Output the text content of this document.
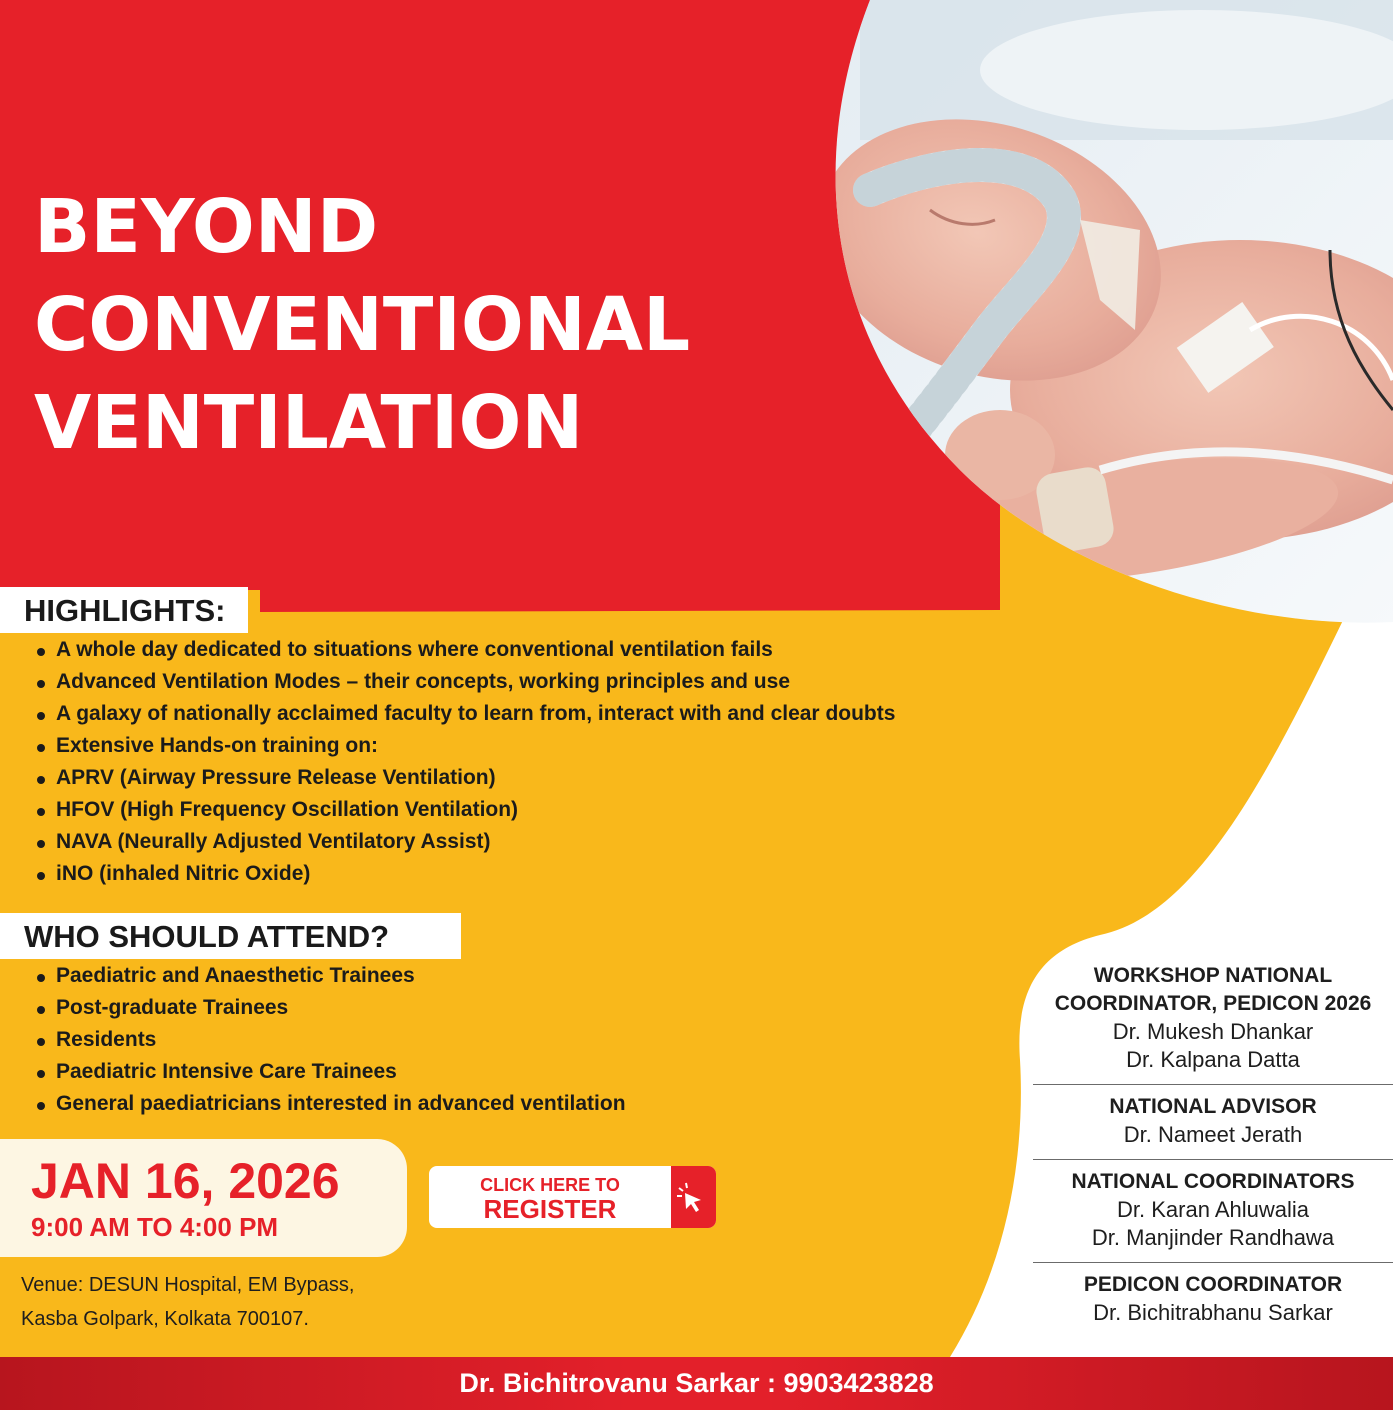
BEYOND
CONVENTIONAL
VENTILATION
HIGHLIGHTS:
A whole day dedicated to situations where conventional ventilation fails
Advanced Ventilation Modes – their concepts, working principles and use
A galaxy of nationally acclaimed faculty to learn from, interact with and clear doubts
Extensive Hands-on training on:
APRV (Airway Pressure Release Ventilation)
HFOV (High Frequency Oscillation Ventilation)
NAVA (Neurally Adjusted Ventilatory Assist)
iNO (inhaled Nitric Oxide)
WHO SHOULD ATTEND?
Paediatric and Anaesthetic Trainees
Post-graduate Trainees
Residents
Paediatric Intensive Care Trainees
General paediatricians interested in advanced ventilation
JAN 16, 2026
9:00 AM TO 4:00 PM
CLICK HERE TO
REGISTER
Venue: DESUN Hospital, EM Bypass,
Kasba Golpark, Kolkata 700107.
WORKSHOP NATIONAL
COORDINATOR, PEDICON 2026
Dr. Mukesh Dhankar
Dr. Kalpana Datta
NATIONAL ADVISOR
Dr. Nameet Jerath
NATIONAL COORDINATORS
Dr. Karan Ahluwalia
Dr. Manjinder Randhawa
PEDICON COORDINATOR
Dr. Bichitrabhanu Sarkar
Dr. Bichitrovanu Sarkar : 9903423828
